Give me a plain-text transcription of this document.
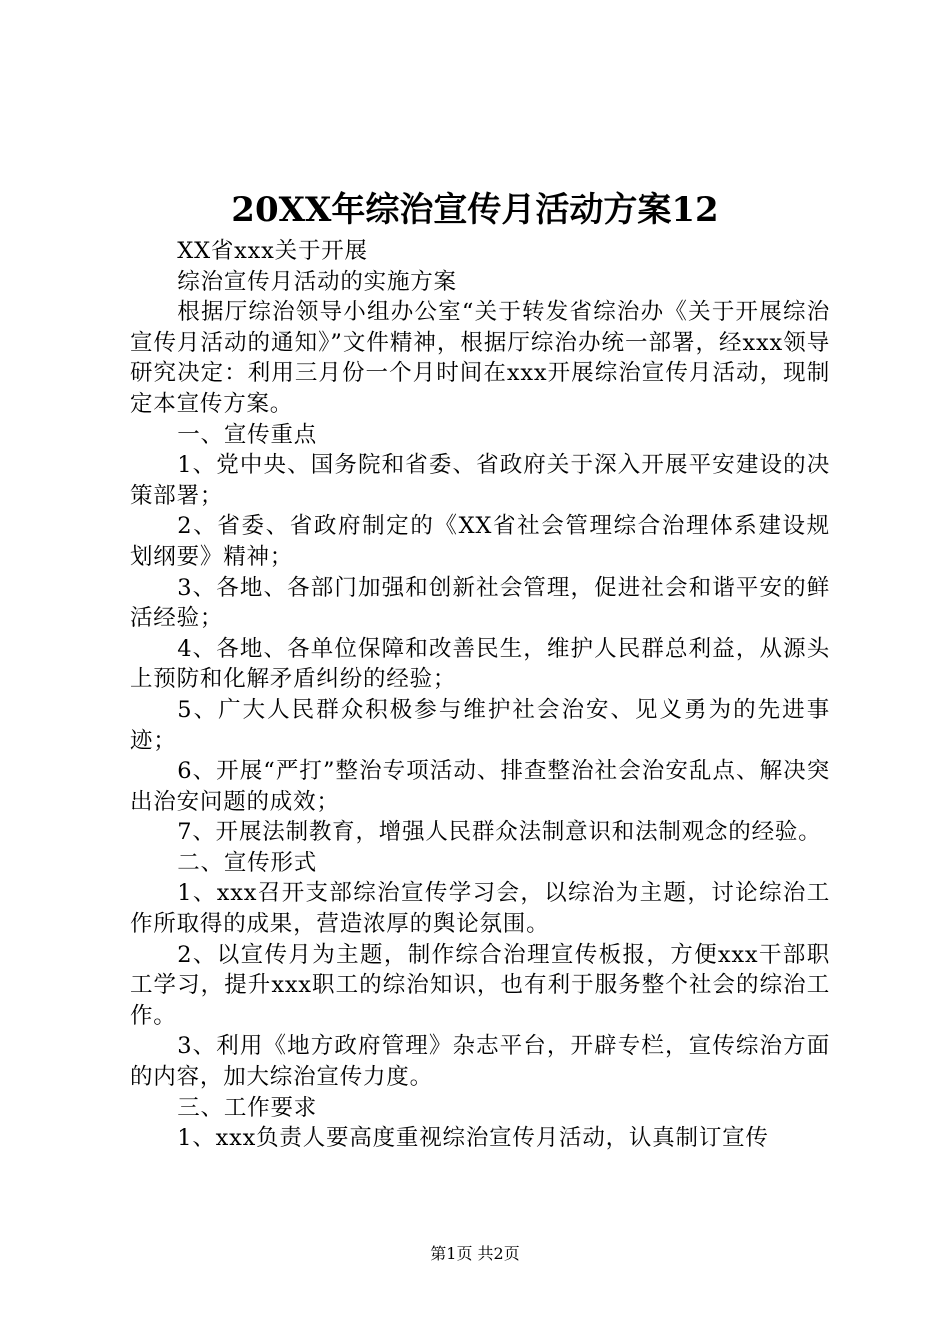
20XX年综治宣传月活动方案12

XX省xxx关于开展

综治宣传月活动的实施方案

根据厅综治领导小组办公室“关于转发省综治办《关于开展综治宣传月活动的通知》”文件精神，根据厅综治办统一部署，经xxx领导研究决定：利用三月份一个月时间在xxx开展综治宣传月活动，现制定本宣传方案。

一、宣传重点

1、党中央、国务院和省委、省政府关于深入开展平安建设的决策部署；

2、省委、省政府制定的《XX省社会管理综合治理体系建设规划纲要》精神；

3、各地、各部门加强和创新社会管理，促进社会和谐平安的鲜活经验；

4、各地、各单位保障和改善民生，维护人民群总利益，从源头上预防和化解矛盾纠纷的经验；

5、广大人民群众积极参与维护社会治安、见义勇为的先进事迹；

6、开展“严打”整治专项活动、排查整治社会治安乱点、解决突出治安问题的成效；

7、开展法制教育，增强人民群众法制意识和法制观念的经验。

二、宣传形式

1、xxx召开支部综治宣传学习会，以综治为主题，讨论综治工作所取得的成果，营造浓厚的舆论氛围。

2、以宣传月为主题，制作综合治理宣传板报，方便xxx干部职工学习，提升xxx职工的综治知识，也有利于服务整个社会的综治工作。

3、利用《地方政府管理》杂志平台，开辟专栏，宣传综治方面的内容，加大综治宣传力度。

三、工作要求

1、xxx负责人要高度重视综治宣传月活动，认真制订宣传

第1页 共2页
